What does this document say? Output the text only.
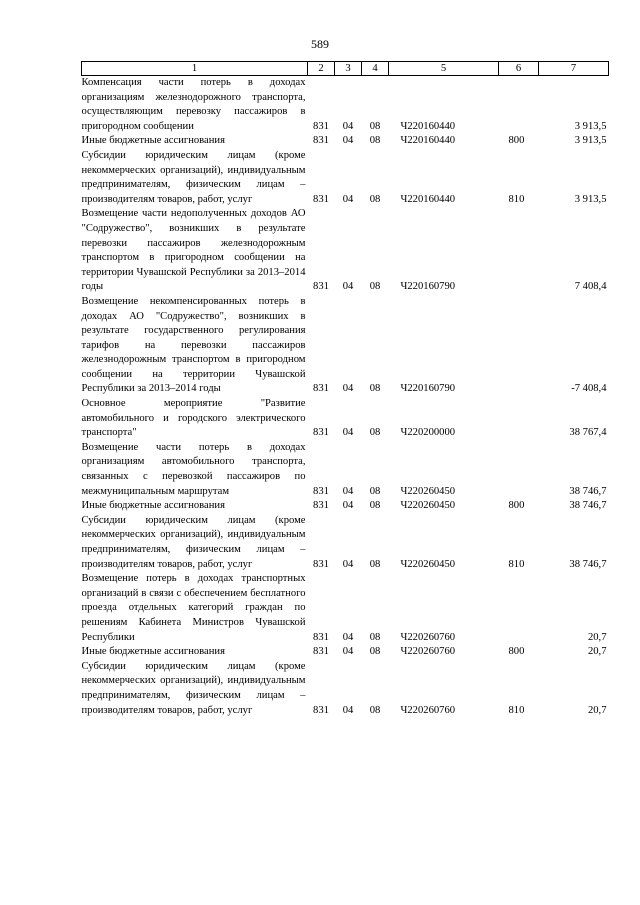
589
1	2	3	4	5	6	7
Компенсация части потерь в доходах организациям железнодорожного транспорта, осуществляющим перевозку пассажиров в пригородном сообщении	831	04	08	Ч220160440		3 913,5
Иные бюджетные ассигнования	831	04	08	Ч220160440	800	3 913,5
Субсидии юридическим лицам (кроме некоммерческих организаций), индивидуальным предпринимателям, физическим лицам – производителям товаров, работ, услуг	831	04	08	Ч220160440	810	3 913,5
Возмещение части недополученных доходов АО "Содружество", возникших в результате перевозки пассажиров железнодорожным транспортом в пригородном сообщении на территории Чувашской Республики за 2013–2014 годы	831	04	08	Ч220160790		7 408,4
Возмещение некомпенсированных потерь в доходах АО "Содружество", возникших в результате государственного регулирования тарифов на перевозки пассажиров железнодорожным транспортом в пригородном сообщении на территории Чувашской Республики за 2013–2014 годы	831	04	08	Ч220160790		-7 408,4
Основное мероприятие "Развитие автомобильного и городского электрического транспорта"	831	04	08	Ч220200000		38 767,4
Возмещение части потерь в доходах организациям автомобильного транспорта, связанных с перевозкой пассажиров по межмуниципальным маршрутам	831	04	08	Ч220260450		38 746,7
Иные бюджетные ассигнования	831	04	08	Ч220260450	800	38 746,7
Субсидии юридическим лицам (кроме некоммерческих организаций), индивидуальным предпринимателям, физическим лицам – производителям товаров, работ, услуг	831	04	08	Ч220260450	810	38 746,7
Возмещение потерь в доходах транспортных организаций в связи с обеспечением бесплатного проезда отдельных категорий граждан по решениям Кабинета Министров Чувашской Республики	831	04	08	Ч220260760		20,7
Иные бюджетные ассигнования	831	04	08	Ч220260760	800	20,7
Субсидии юридическим лицам (кроме некоммерческих организаций), индивидуальным предпринимателям, физическим лицам – производителям товаров, работ, услуг	831	04	08	Ч220260760	810	20,7
